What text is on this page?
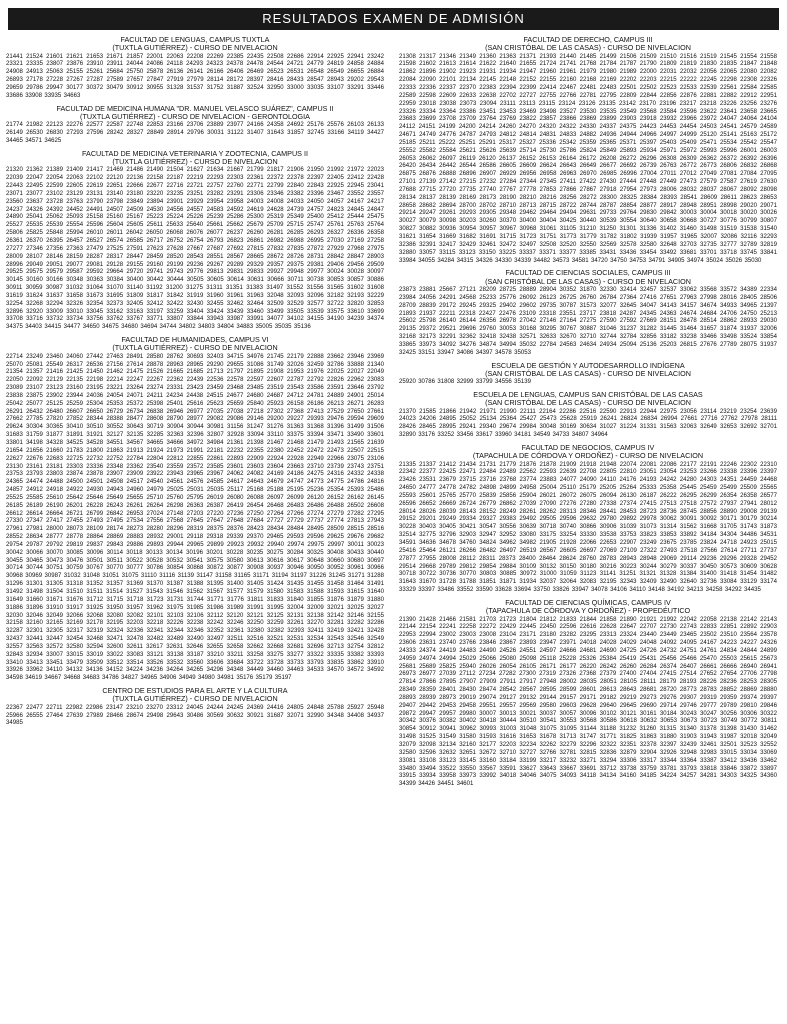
RESULTADOS EXAMEN DE ADMISIÓN

FACULTAD DE LENGUAS, CAMPUS TUXTLA

(TUXTLA GUTIÉRREZ) - CURSO DE NIVELACION

21441 21524 21601 21621 21653 21671 21857 22001 22063 22208 22269 22385 22435 22508 22686 22914 22925 22941 23242 23321 23335 23807 23876 23910 23911 24044 24086 24118 24293 24323 24378 24478 24544 24721 24779 24819 24858 24884 24908 24913 25063 25155 25261 25684 25750 25878 26136 26141 26166 26406 26469 26523 26531 26548 26549 26655 26884 26893 27178 27228 27267 27287 27589 27657 27847 27919 27979 28114 28172 28397 28416 28433 28547 28943 29202 29543 29659 29786 29947 30177 30372 30479 30912 30955 31328 31537 31752 31887 32524 32950 33000 33035 33107 33291 33446 33686 33908 33935 34663

FACULTAD DE MEDICINA HUMANA "DR. MANUEL VELASCO SUÁREZ", CAMPUS II

(TUXTLA GUTIÉRREZ) - CURSO DE NIVELACION - GERONTOLOGIA

21774 21982 22123 22276 22577 22587 22748 22853 23166 23706 23889 23977 24166 24358 24692 25176 25576 26103 26133 26149 26530 26830 27293 27596 28242 28327 28849 28914 29796 30031 31122 31407 31643 31857 32745 33166 34119 34427 34465 34571 34625

FACULTAD DE MEDICINA VETERINARIA Y ZOOTECNIA, CAMPUS II

(TUXTLA GUTIÉRREZ) - CURSO DE NIVELACION

21320 21362 21389 21409 21417 21469 21486 21490 21504 21627 21634 21667 21799 21817 21906 21950 21992 21972 22023 22039 22047 22054 22063 22102 22120 22136 22158 22187 22219 22293 22303 22361 22372 22378 22397 22405 22412 22428 22443 22495 22599 22605 22619 22651 22666 22677 22716 22721 22757 22760 22771 22799 22840 22843 22925 22945 23041 23071 23077 23102 23129 23131 23140 23180 23220 23235 23251 23282 23291 23306 23346 23382 23396 23467 23552 23557 23560 23637 23728 23763 23790 23798 23849 23894 23901 23929 23954 23958 24003 24008 24033 24050 24057 24167 24217 24237 24326 24392 24452 24491 24507 24509 24530 24556 24557 24583 24592 24619 24628 24739 24757 24823 24845 24847 24890 25041 25062 25093 25158 25160 25167 25223 25224 25226 25239 25286 25300 25319 25349 25400 25412 25444 25475 25527 25535 25539 25554 25596 25604 25605 25611 25633 25640 25661 25662 25679 25709 25715 25747 25761 25763 25764 25806 25825 25848 25994 26010 26011 26042 26050 26068 26076 26077 26237 26260 26281 26285 26293 26327 26336 26358 26361 26370 26395 26457 26527 26574 26585 26717 26752 26754 26793 26823 26861 26982 26988 26995 27030 27169 27258 27277 27346 27356 27363 27479 27525 27591 27623 27628 27667 27687 27692 27815 27832 27835 27872 27929 27968 27975 28009 28107 28146 28159 28287 28317 28447 28459 28520 28543 28551 28567 28665 28672 28726 28731 28842 28847 28903 28996 29049 29051 29077 29081 29128 29155 29160 29199 29236 29267 29289 29329 29357 29375 29381 29406 29456 29509 29525 29575 29579 29587 29592 29664 29720 29741 29743 29776 29813 29831 29833 29927 29948 29977 30024 30028 30097 30145 30160 30166 30348 30363 30384 30400 30442 30444 30505 30605 30614 30631 30666 30711 30738 30853 30857 30886 30911 30959 30987 31032 31064 31070 31140 31192 31200 31275 31311 31351 31383 31497 31552 31556 31565 31602 31608 31619 31624 31637 31658 31673 31695 31809 31817 31842 31919 31960 31961 31963 32048 32093 32096 32182 32193 32229 32254 32268 32294 32326 32354 32373 32405 32412 32422 32430 32455 32462 32464 32509 32529 32577 32722 32820 32853 32896 32920 33009 33010 33045 33162 33163 33197 33259 33404 33424 33439 33460 33499 33505 33539 33575 33610 33699 33708 33716 33732 33734 33756 33762 33767 33771 33807 33844 33943 33987 33991 34077 34102 34155 34190 34239 34374 34375 34403 34415 34477 34650 34675 34680 34694 34744 34802 34803 34804 34883 35005 35035 35136

FACULTAD DE HUMANIDADES, CAMPUS VI

(TUXTLA GUTIÉRREZ) - CURSO DE NIVELACION

22714 23249 23460 24060 27442 27463 28491 28580 28762 30693 32403 34715 34976 21745 22179 22888 23662 23946 23969 25070 25081 25549 26317 26536 27156 27614 28878 28963 28965 29290 29655 31086 31749 32026 32459 32786 33888 21340 21354 21357 21416 21425 21450 21462 21475 21526 21665 21685 21713 21797 21895 21908 21953 21976 22025 22027 22049 22050 22092 22129 22135 22198 22214 22247 22267 22362 22439 22536 22578 22597 22607 22787 22792 22826 22962 23083 23089 23107 23123 23160 23195 23221 23264 23274 23331 23423 23459 23468 23485 23519 23543 23586 23591 23646 23792 23838 23875 23902 23944 24036 24054 24071 24211 24234 24438 24515 24677 24680 24687 24712 24781 24889 24901 25014 25042 25077 25125 25259 25304 25353 25372 25398 25401 25616 25623 25659 25840 25923 26158 26186 26213 26271 26283 26291 26432 26480 26607 26650 26729 26734 26838 26946 26977 27035 27038 27218 27302 27368 27413 27529 27650 27661 27662 27785 27820 27852 28344 28388 28477 28608 28790 28977 29082 29086 29146 29200 29227 29393 29476 29594 29609 29624 30304 30365 30410 30510 30552 30643 30719 30904 30944 30981 31156 31247 31276 31363 31368 31396 31499 31506 31683 31759 31877 31891 31921 32127 32135 32285 32363 32396 32807 32928 33094 33110 33375 33394 33471 33490 33601 33801 34198 34328 34525 34528 34551 34567 34665 34666 34972 34984 21361 21398 21467 21468 21479 21493 21565 21639 21654 21656 21660 21783 21800 21863 21913 21924 21973 21991 22181 22232 22355 22380 22452 22472 22473 22507 22515 22627 22676 22683 22725 22732 22752 22784 22804 22812 22855 22861 22893 22909 22924 22928 22949 22966 23075 23106 23130 23161 23181 23303 23336 23348 23362 23540 23559 23572 23585 23601 23603 23604 23663 23710 23739 23743 23751 23753 23793 23803 23874 23878 23907 23909 23922 23943 23965 23967 24062 24082 24169 24186 24275 24316 24332 24338 24365 24474 24488 24500 24501 24508 24517 24540 24561 24576 24585 24617 24643 24679 24747 24773 24775 24786 24816 24857 24912 24918 24922 24930 24943 24960 24979 25025 25031 25035 25117 25168 25188 25195 25236 25354 25393 25486 25525 25585 25610 25642 25646 25649 25655 25710 25760 25795 26019 26080 26088 26097 26099 26120 26152 26162 26145 26185 26189 26190 26201 26228 26243 26261 26264 26298 26363 26387 26419 26454 26468 26483 26486 26488 26502 26608 26612 26614 26664 26721 26799 26842 26953 27024 27148 27203 27220 27236 27250 27264 27266 27274 27279 27282 27295 27330 27347 27417 27455 27493 27495 27534 27556 27568 27645 27647 27648 27684 27727 27729 27737 27774 27813 27943 27961 27981 28000 28073 28109 28174 28273 28280 28296 28319 28375 28376 28423 28434 28484 28495 28509 28515 28516 28552 28634 28777 28778 28864 28869 28883 28932 29001 29118 29318 29339 29370 29465 29593 29596 29625 29676 29682 29754 29787 29792 29819 29837 29843 29886 29893 29944 29965 29899 29923 29932 29940 29974 29975 29997 30011 30023 30042 30066 30070 30085 30096 30114 30118 30133 30134 30196 30201 30228 30235 30275 30284 30325 30408 30433 30440 30455 30465 30473 30476 30501 30511 30522 30528 30532 30541 30575 30580 30613 30616 30617 30648 30660 30680 30697 30714 30744 30751 30759 30767 30770 30777 30786 30854 30868 30872 30877 30908 30937 30946 30950 30952 30961 30966 30968 30969 30987 31032 31048 31051 31075 31110 31116 31139 31147 31158 31165 31171 31194 31197 31226 31245 31271 31288 31296 31301 31305 31318 31352 31357 31369 31370 31387 31388 31395 31400 31405 31424 31435 31455 31458 31464 31491 31492 31498 31504 31510 31511 31514 31527 31543 31546 31562 31567 31577 31579 31580 31583 31588 31593 31615 31640 31649 31660 31671 31676 31712 31715 31718 31723 31731 31744 31771 31776 31811 31833 31840 31855 31876 31879 31880 31886 31896 31910 31917 31925 31950 31957 31962 31975 31985 31986 31989 31991 31995 32004 32009 32021 32025 32027 32030 32046 32049 32066 32068 32080 32082 32101 32103 32106 32112 32120 32121 32125 32131 32138 32142 32146 32155 32158 32160 32165 32169 32178 32195 32203 32218 32226 32238 32242 32246 32250 32259 32261 32270 32281 32282 32286 32287 32301 32305 32317 32319 32324 32336 32341 32344 32346 32352 32361 32380 32382 32393 32411 32419 32421 32428 32437 32441 32447 32454 32468 32471 32478 32482 32489 32490 32497 32511 32516 32521 32531 32534 32543 32546 32549 32557 32563 32572 32580 32594 32600 32611 32617 32631 32646 32655 32658 32662 32668 32681 32696 32713 32754 32812 32843 32934 33007 33015 33019 33022 33083 33121 33138 33187 33210 33211 33258 33275 33277 33322 33335 33382 33393 33410 33413 33451 33479 33509 33512 33514 33526 33532 33560 33606 33684 33722 33728 33733 33793 33835 33862 33910 33926 33962 34110 34132 34136 34152 34224 34236 34264 34265 34296 34348 34449 34460 34463 34533 34570 34572 34592 34598 34619 34667 34668 34683 34786 34827 34965 34906 34949 34980 34981 35176 35179 35197

CENTRO DE ESTUDIOS PARA EL ARTE Y LA CULTURA

(TUXTLA GUTIÉRREZ) - CURSO DE NIVELACION

22367 22477 22711 22982 22986 23147 23210 23270 23312 24045 24244 24245 24369 24416 24805 24848 25788 25927 25948 25966 26555 27464 27639 27989 28466 28674 29498 29643 30486 30569 30632 30921 31687 32071 32990 34348 34408 34937 34985

FACULTAD DE DERECHO, CAMPUS III

(SAN CRISTÓBAL DE LAS CASAS) - CURSO DE NIVELACION

21308 21317 21346 21349 21360 21363 21371 21393 21440 21485 21499 21506 21509 21510 21516 21519 21545 21554 21558 21598 21602 21613 21614 21622 21640 21655 21724 21741 21768 21784 21787 21790 21809 21819 21830 21835 21847 21848 21862 21896 21902 21923 21931 21934 21947 21960 21961 21979 21980 21989 22000 22031 22032 22056 22065 22080 22082 22084 22090 22101 22134 22145 22148 22152 22155 22160 22168 22169 22202 22203 22215 22222 22245 22298 22308 22326 22333 22336 22337 22370 22383 22394 22399 22414 22467 22481 22483 22501 22502 22523 22533 22539 22561 22584 22585 22589 22598 22609 22633 22638 22702 22727 22755 22766 22781 22795 22809 22844 22856 22876 22881 22882 22912 22951 22959 23018 23038 23073 23094 23111 23113 23115 23124 23126 23135 23142 23170 23196 23217 23218 23226 23256 23276 23326 23334 23364 23386 23451 23453 23469 23498 23527 23530 23535 23549 23568 23584 23596 23622 23641 23658 23665 23683 23699 23708 23709 23764 23769 23822 23857 23866 23869 23899 23903 23918 23932 23966 23972 24047 24064 24104 24112 24151 24199 24200 24214 24260 24270 24320 24322 24330 24337 24375 24423 24453 24454 24503 24541 24579 24589 24671 24749 24776 24787 24793 24812 24814 24831 24833 24882 24936 24944 24966 24997 24999 25120 25141 25163 25172 25185 25211 25222 25251 25291 25317 25327 25336 25342 25359 25365 25371 25397 25403 25409 25471 25534 25542 25547 25552 25582 25584 25621 25626 25639 25714 25730 25786 25824 25849 25893 25934 25971 25972 25993 25996 26001 26003 26053 26062 26097 26119 26120 26137 26152 26153 26164 26172 26208 26272 26296 26308 26309 26362 26372 26392 26396 26420 26434 26442 26544 26586 26605 26609 26624 26643 26649 26677 26692 26739 26763 26772 26773 26806 26832 26868 26875 26876 26888 26896 26907 26929 26956 26958 26963 26970 26985 26996 27004 27011 27012 27049 27081 27084 27095 27101 27139 27142 27215 27232 27284 27344 27345 27411 27422 27430 27444 27448 27449 27473 27579 27587 27619 27630 27688 27715 27720 27735 27740 27767 27778 27853 27866 27867 27918 27954 27973 28006 28032 28037 28067 28092 28098 28134 28137 28139 28169 28173 28190 28210 28216 28256 28272 28300 28325 28384 28393 28541 28609 28611 28623 28653 28658 28682 28694 28700 28702 28710 28713 28715 28722 28744 28787 28854 28877 28917 28948 28951 28998 29020 29071 29214 29247 29261 29293 29305 29348 29462 29464 29494 29631 29733 29764 29830 29842 30003 30004 30018 30020 30026 30027 30079 30098 30203 30260 30370 30400 30404 30425 30440 30539 30554 30640 30658 30668 30727 30776 30799 30807 30827 30882 30936 30954 30957 30967 30968 31061 31105 31210 31250 31301 31336 31402 31460 31498 31519 31538 31540 31621 31654 31669 31682 31691 31715 31723 31751 31773 31779 31782 31802 31939 31957 31965 32007 32086 32116 32293 32386 32391 32417 32429 32461 32472 32497 32508 32520 32550 32569 32578 32580 32648 32703 32735 32777 32789 32819 32880 33057 33115 33123 33150 33225 33337 33371 33377 33385 33431 33436 33454 33492 33681 33701 33718 33745 33841 33984 34055 34284 34315 34326 34330 34339 34482 34573 34581 34720 34750 34753 34791 34905 34974 35024 35026 35030

FACULTAD DE CIENCIAS SOCIALES, CAMPUS III

(SAN CRISTÓBAL DE LAS CASAS) - CURSO DE NIVELACION

23873 23881 25667 27121 28209 28725 28889 28904 30352 31870 32330 32414 32457 32537 33062 33568 33572 34389 22334 23984 24056 24291 24568 25233 25776 26092 26123 26725 26760 26784 27364 27416 27651 27963 27998 28016 28405 28506 28709 28839 29172 29245 29325 29402 29602 29735 30787 31573 32077 32645 34047 34143 34157 34674 34933 34965 21397 21893 21937 22211 22318 22427 22476 23109 23318 23551 23717 23818 24287 24345 24363 24674 24684 24706 24750 25213 25602 25798 26140 26144 26356 26978 27042 27146 27164 27275 27590 27592 27669 28151 28478 28514 28862 28933 29030 29135 29372 29521 29696 29760 30053 30168 30295 30767 30887 31046 31237 31282 31445 31464 31657 31874 31937 32006 32168 32173 32291 32362 32418 32438 32571 32633 32670 32710 32744 32784 32856 33182 33238 33466 33498 33524 33854 33865 33973 34092 34276 34874 34994 35032 22784 24563 24634 24934 25094 25136 25203 26815 27676 27789 28075 31937 32425 33151 33947 34086 34397 34578 35053

ESCUELA DE GESTIÓN Y AUTODESARROLLO INDÍGENA

(SAN CRISTÓBAL DE LAS CASAS) - CURSO DE NIVELACION

25920 30786 31808 32999 33799 34556 35139

ESCUELA DE LENGUAS, CAMPUS SAN CRISTÓBAL DE LAS CASAS

(SAN CRISTÓBAL DE LAS CASAS) - CURSO DE NIVELACION

21370 21585 21866 21942 21971 21990 22111 22164 22286 22516 22590 22913 22944 22975 23056 23114 23219 23254 23639 24023 24206 24895 25052 25134 25364 25427 25473 25628 25919 26241 26824 26834 26994 27661 27716 27762 27978 28111 28426 28465 28995 29241 29340 29674 29984 30048 30169 30634 31027 31224 31331 31563 32063 32649 32653 32692 32701 32890 33176 33252 33456 33617 33960 34181 34549 34733 34807 34964

FACULTAD DE NEGOCIOS, CAMPUS IV

(TAPACHULA DE CÓRDOVA Y ORDOÑEZ) - CURSO DE NIVELACION

21335 21337 21412 21434 21731 21779 21876 21878 21909 21918 21948 22074 22081 22086 22177 22191 22246 22302 22310 22342 22377 22425 22471 22484 22489 22562 22593 22639 22708 22805 22810 23051 23054 23253 23266 23338 23396 23397 23426 23531 23679 23715 23716 23768 23774 23883 24077 24090 24110 24176 24193 24242 24280 24303 24351 24459 24468 24650 24777 24778 24782 24898 24899 24958 25004 25110 25179 25205 25264 25333 25358 25445 25459 25499 25509 25565 25593 25601 25765 25770 25839 25856 25904 26021 26072 26075 26094 26130 26187 26222 26295 26299 26354 26358 26577 26596 26652 26669 26724 26779 26862 27039 27090 27276 27280 27338 27374 27415 27513 27518 27572 27937 27941 28012 28014 28026 28039 28143 28152 28249 28261 28262 28313 28346 28441 28453 28723 28736 28745 28856 28890 29008 29139 29152 29201 29249 29334 29327 29383 29492 29505 29596 29632 29780 29892 29978 30062 30091 30092 30171 30179 30214 30228 30403 30405 30421 30547 30556 30639 30718 30740 30866 30906 31039 31073 31314 31562 31668 31705 31743 31873 32514 32775 32796 32903 32947 32952 33080 33175 33254 33330 33538 33753 33823 33853 33892 34184 34304 34486 34531 34591 34636 34678 34760 34824 34962 34982 21905 21928 22066 22653 22907 23249 23675 23785 23824 24718 24923 25015 25416 25464 26121 26266 26482 26497 26519 26567 26605 26697 27069 27109 27322 27493 27518 27566 27614 27711 27737 27877 27955 28008 28112 28311 28373 28400 28464 28624 28760 28783 28943 28948 29069 29114 29236 29296 29328 29452 29514 29668 29789 29812 29854 29884 30109 30132 30150 30180 30216 30223 30244 30279 30337 30450 30573 30609 30628 30718 30722 30736 30770 30803 30885 30972 31000 31059 31123 31141 31251 31321 31328 31384 31400 31418 31454 31482 31643 31670 31728 31788 31851 31871 31934 32037 32064 32083 32195 32343 32409 32490 32640 32736 33084 33129 33174 33329 33397 33486 33552 33590 33628 33694 33750 33826 33947 34078 34106 34110 34148 34192 34213 34258 34292 34435

FACULTAD DE CIENCIAS QUÍMICAS, CAMPUS IV

(TAPACHULA DE CÓRDOVA Y ORDOÑEZ) - PROPEDÉUTICO

21390 21428 21466 21581 21703 21723 21804 21812 21833 21844 21858 21890 21921 21992 22042 22058 22138 22142 22143 22144 22154 22241 22258 22272 22429 22445 22450 22596 22616 22628 22647 22707 22730 22743 22833 22851 22892 22903 22953 22994 23002 23003 23008 23104 23171 23180 23282 23295 23313 23324 23440 23449 23465 23502 23510 23564 23578 23606 23631 23740 23766 23846 23867 23893 23947 23971 24018 24028 24029 24048 24092 24095 24167 24223 24227 24326 24333 24374 24419 24483 24490 24526 24551 24597 24666 24681 24690 24725 24726 24732 24751 24761 24834 24844 24899 24959 24974 24994 25029 25066 25080 25098 25118 25228 25326 25384 25419 25431 25456 25466 25470 25503 25615 25673 25681 25689 25825 25940 26026 26054 26105 26171 26177 26220 26242 26260 26284 26374 26407 26661 26666 26940 26941 26973 26977 27039 27112 27234 27282 27300 27319 27326 27368 27379 27400 27404 27415 27514 27652 27654 27706 27798 27814 27866 27895 27907 27909 27911 27917 27948 28002 28035 28051 28105 28111 28179 28193 28226 28236 28253 28305 28349 28359 28401 28430 28474 28542 28567 28595 28599 28601 28613 28643 28681 28720 28773 28783 28852 28869 28880 28893 28939 28973 29019 29074 29127 29132 29144 29157 29171 29182 29219 29273 29276 29307 29319 29359 29374 29397 29407 29442 29453 29458 29551 29557 29569 29580 29603 29628 29640 29645 29690 29714 29746 29777 29789 29810 29846 29872 29947 29957 29980 30007 30013 30021 30037 30057 30096 30102 30121 30161 30184 30243 30247 30256 30306 30322 30342 30376 30382 30402 30418 30444 30510 30541 30553 30568 30586 30618 30632 30653 30673 30723 30749 30772 30811 30854 30912 30941 30962 30993 31003 31048 31075 31095 31144 31188 31232 31260 31315 31340 31378 31398 31430 31462 31498 31525 31549 31580 31593 31616 31653 31678 31713 31747 31771 31825 31863 31880 31903 31943 31987 32018 32049 32079 32098 32134 32160 32177 32203 32234 32262 32279 32296 32322 32351 32378 32397 32439 32461 32501 32523 32552 32580 32596 32632 32651 32672 32710 32727 32766 32781 32815 32836 32879 32904 32926 32948 32983 33015 33034 33069 33081 33108 33123 33145 33160 33184 33199 33217 33232 33271 33294 33306 33317 33344 33364 33387 33412 33436 33462 33480 33494 33522 33550 33567 33591 33627 33643 33667 33691 33712 33738 33759 33781 33793 33818 33846 33872 33897 33915 33934 33958 33973 33992 34018 34046 34075 34093 34118 34134 34160 34185 34224 34257 34281 34303 34325 34360 34399 34426 34451 34601
